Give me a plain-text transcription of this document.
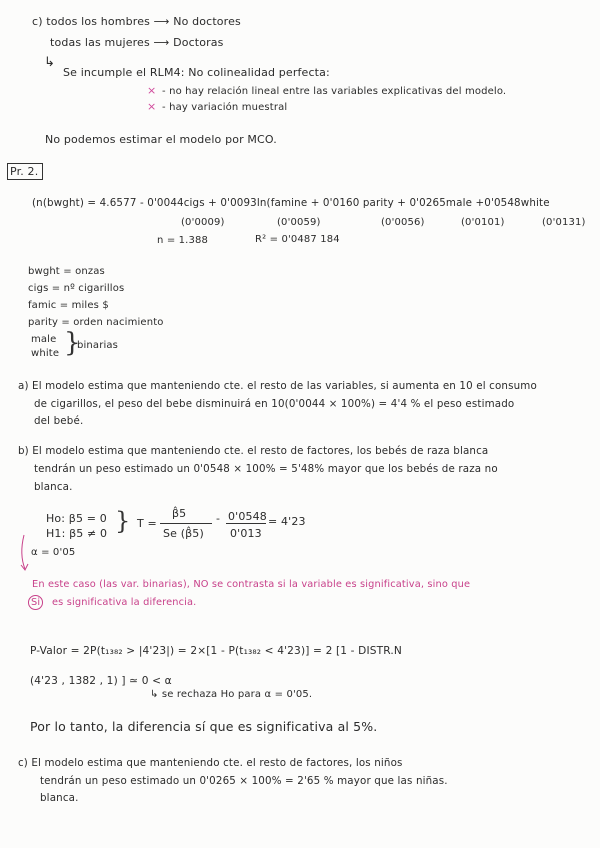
c) todos los hombres ⟶ No doctores
todas las mujeres ⟶ Doctoras
↳
Se incumple el RLM4: No colinealidad perfecta:
× - no hay relación lineal entre las variables explicativas del modelo.
× - hay variación muestral
No podemos estimar el modelo por MCO.
Pr. 2.
(n(bwght) = 4.6577 - 0'0044cigs + 0'0093ln(famine + 0'0160 parity + 0'0265male +0'0548white
(0'0009)	(0'0059)	(0'0056)	(0'0101)	(0'0131)
n = 1.388	R² = 0'0487 184
bwght = onzas
cigs = nº cigarillos
famic = miles $
parity = orden nacimiento
male
white }
binarias
a) El modelo estima que manteniendo cte. el resto de las variables, si aumenta en 10 el consumo
de cigarillos, el peso del bebe disminuirá en 10(0'0044 × 100%) = 4'4 % el peso estimado
del bebé.
b) El modelo estima que manteniendo cte. el resto de factores, los bebés de raza blanca
tendrán un peso estimado un 0'0548 × 100% = 5'48% mayor que los bebés de raza no
blanca.
Ho: β5 = 0
H1: β5 ≠ 0 } T =
β̂5
Se (β̂5)
- 0'0548
0'013
= 4'23
α = 0'05
En este caso (las var. binarias), NO se contrasta si la variable es significativa, sino que
Si	es significativa la diferencia.
P-Valor = 2P(t₁₃₈₂ > |4'23|) = 2×[1 - P(t₁₃₈₂ < 4'23)] = 2 [1 - DISTR.N
(4'23 , 1382 , 1) ] ≃ 0 < α
↳ se rechaza Ho para α = 0'05.
Por lo tanto, la diferencia sí que es significativa al 5%.
c) El modelo estima que manteniendo cte. el resto de factores, los niños
tendrán un peso estimado un 0'0265 × 100% = 2'65 % mayor que las niñas.
blanca.
